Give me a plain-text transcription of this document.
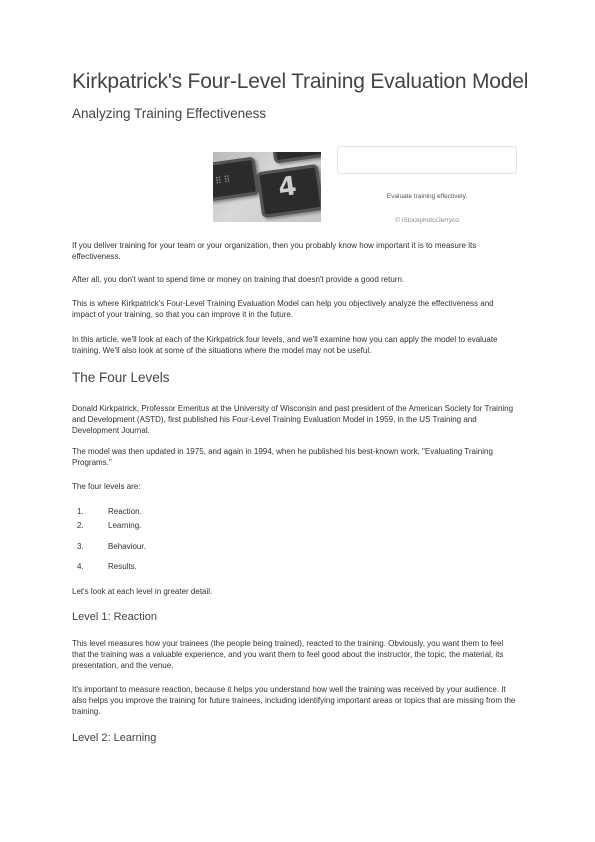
Kirkpatrick's Four-Level Training Evaluation Model
Analyzing Training Effectiveness
⠿⠿ 4	Evaluate training effectively.
© iStockphoto/Jerryco

If you deliver training for your team or your organization, then you probably know how important it is to measure its effectiveness.

After all, you don't want to spend time or money on training that doesn't provide a good return.

This is where Kirkpatrick's Four-Level Training Evaluation Model can help you objectively analyze the effectiveness and impact of your training, so that you can improve it in the future.

In this article, we'll look at each of the Kirkpatrick four levels, and we'll examine how you can apply the model to evaluate training. We'll also look at some of the situations where the model may not be useful.

The Four Levels

Donald Kirkpatrick, Professor Emeritus at the University of Wisconsin and past president of the American Society for Training and Development (ASTD), first published his Four-Level Training Evaluation Model in 1959, in the US Training and Development Journal.

The model was then updated in 1975, and again in 1994, when he published his best-known work, "Evaluating Training Programs."

The four levels are:

1.	Reaction.
2.	Learning.
3.	Behaviour.
4.	Results.

Let's look at each level in greater detail.

Level 1: Reaction

This level measures how your trainees (the people being trained), reacted to the training. Obviously, you want them to feel that the training was a valuable experience, and you want them to feel good about the instructor, the topic, the material, its presentation, and the venue.

It's important to measure reaction, because it helps you understand how well the training was received by your audience. It also helps you improve the training for future trainees, including identifying important areas or topics that are missing from the training.

Level 2: Learning
